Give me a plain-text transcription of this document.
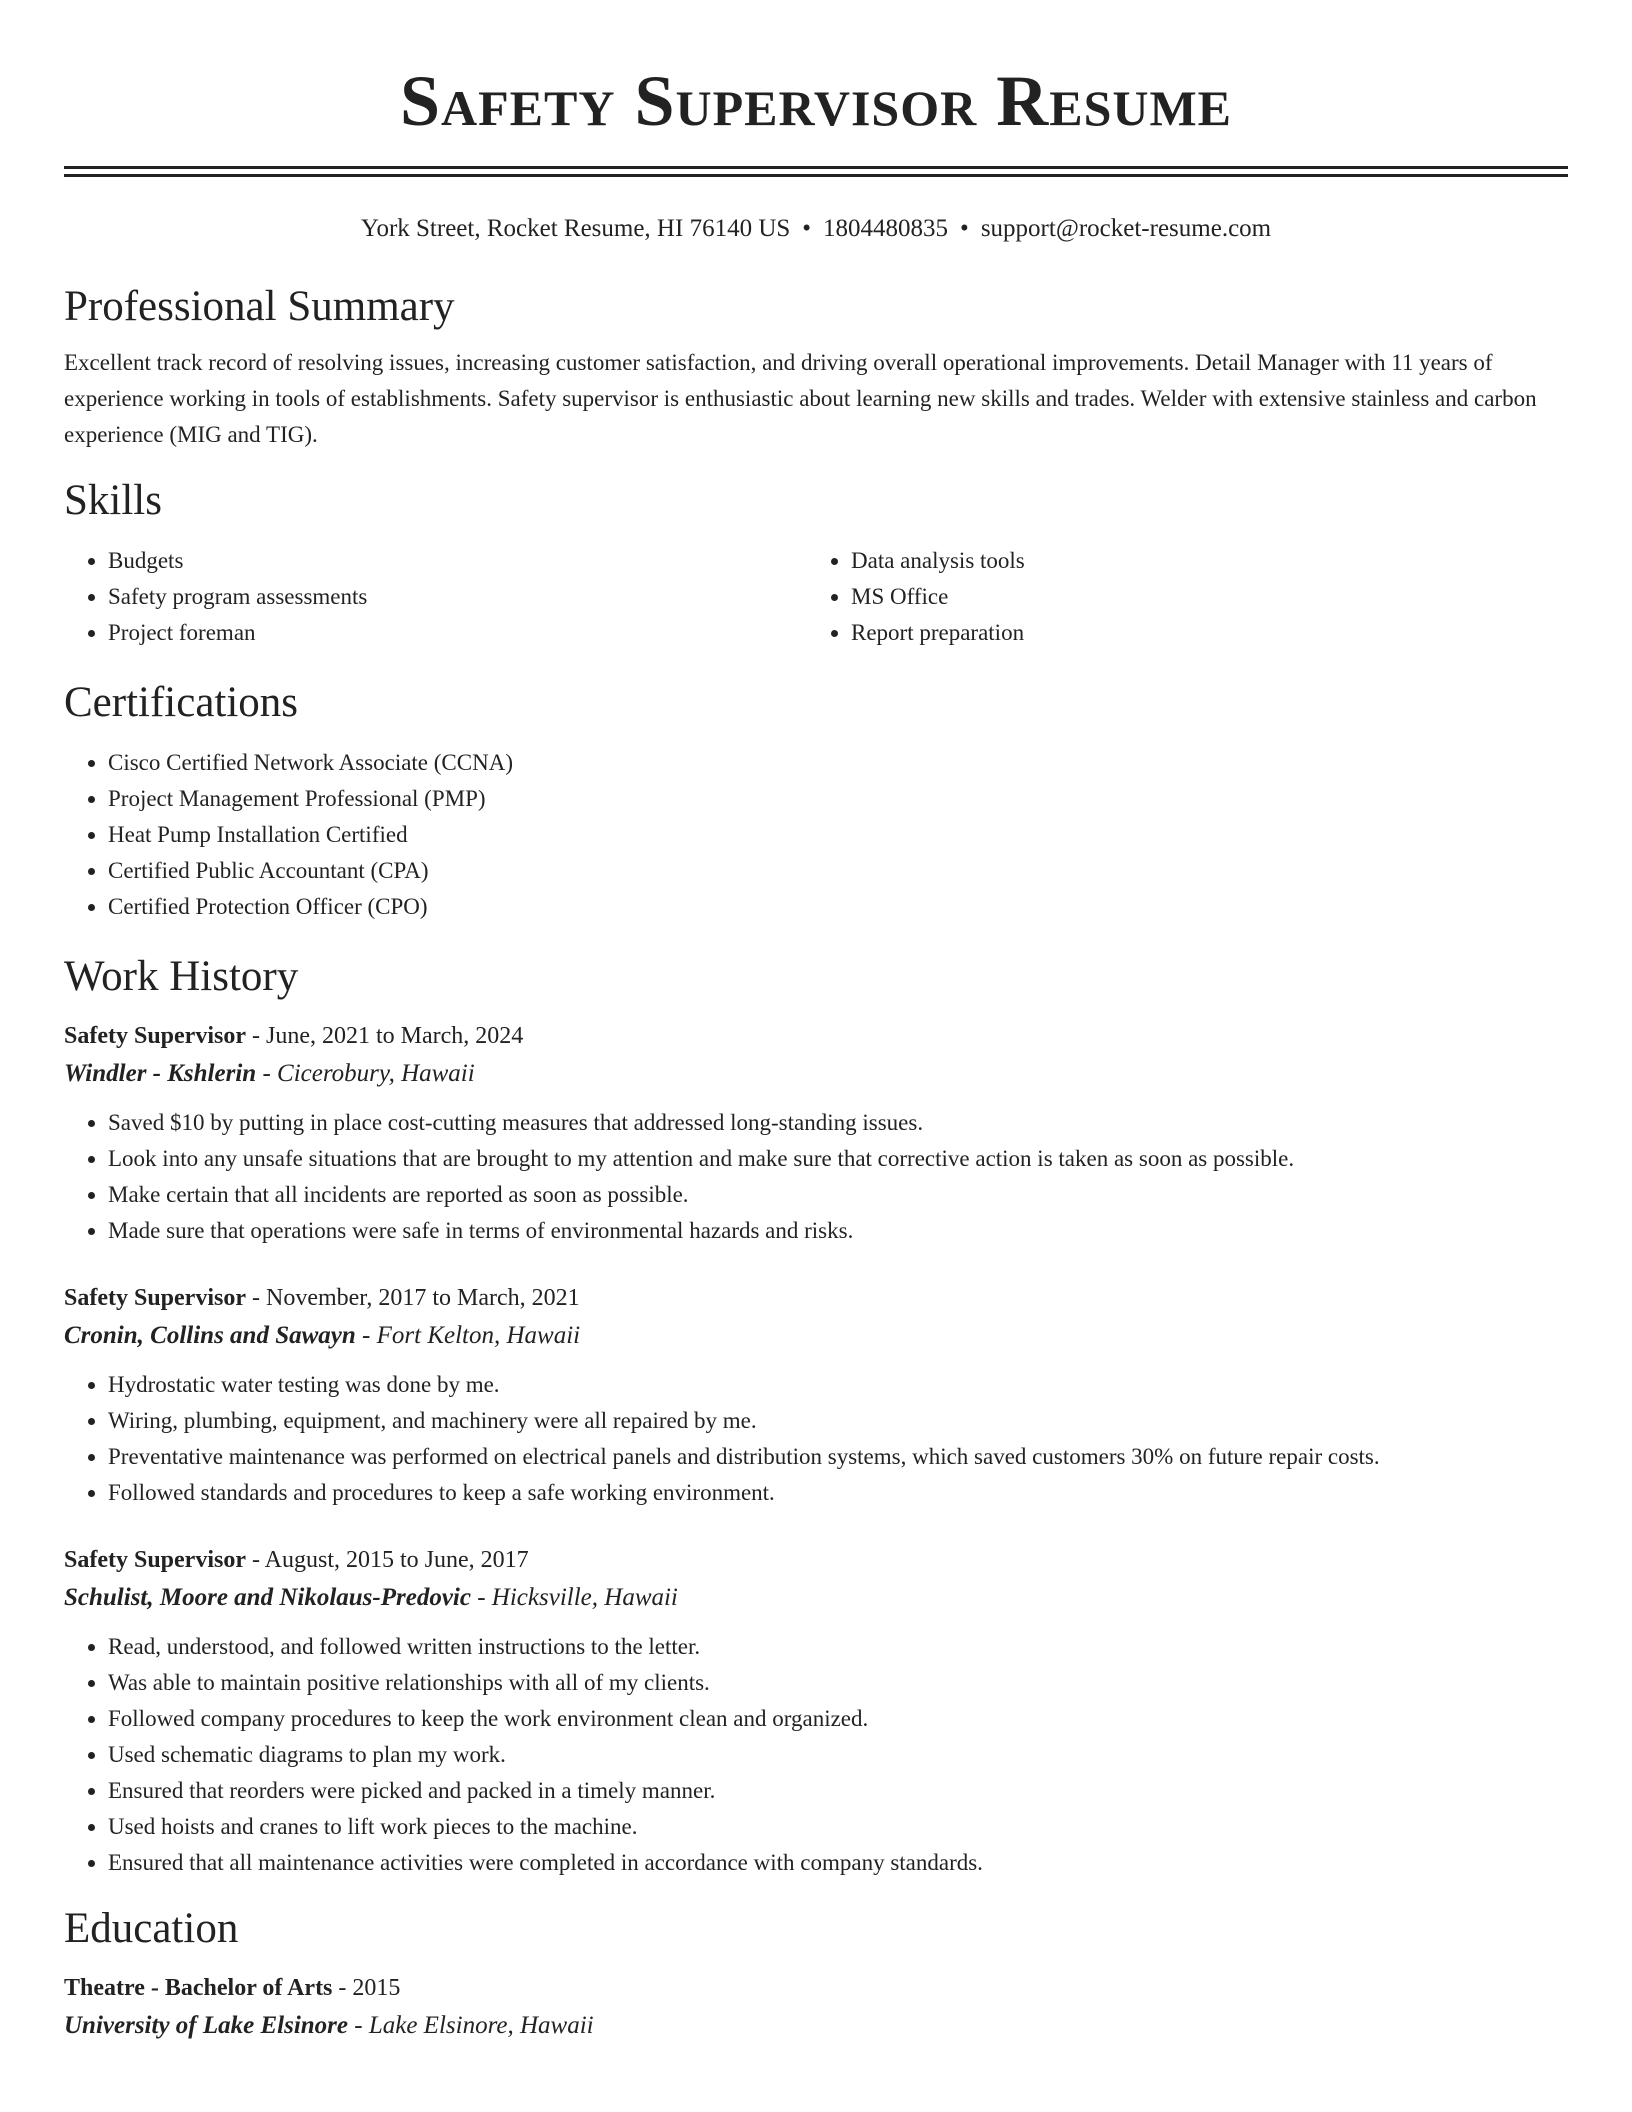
Safety Supervisor Resume
York Street, Rocket Resume, HI 76140 US • 1804480835 • support@rocket-resume.com
Professional Summary

Excellent track record of resolving issues, increasing customer satisfaction, and driving overall operational improvements. Detail Manager with 11 years of experience working in tools of establishments. Safety supervisor is enthusiastic about learning new skills and trades. Welder with extensive stainless and carbon experience (MIG and TIG).

Skills
• Budgets
• Safety program assessments
• Project foreman
• Data analysis tools
• MS Office
• Report preparation
Certifications
• Cisco Certified Network Associate (CCNA)
• Project Management Professional (PMP)
• Heat Pump Installation Certified
• Certified Public Accountant (CPA)
• Certified Protection Officer (CPO)
Work History
Safety Supervisor - June, 2021 to March, 2024
Windler - Kshlerin - Cicerobury, Hawaii
• Saved $10 by putting in place cost-cutting measures that addressed long-standing issues.
• Look into any unsafe situations that are brought to my attention and make sure that corrective action is taken as soon as possible.
• Make certain that all incidents are reported as soon as possible.
• Made sure that operations were safe in terms of environmental hazards and risks.
Safety Supervisor - November, 2017 to March, 2021
Cronin, Collins and Sawayn - Fort Kelton, Hawaii
• Hydrostatic water testing was done by me.
• Wiring, plumbing, equipment, and machinery were all repaired by me.
• Preventative maintenance was performed on electrical panels and distribution systems, which saved customers 30% on future repair costs.
• Followed standards and procedures to keep a safe working environment.
Safety Supervisor - August, 2015 to June, 2017
Schulist, Moore and Nikolaus-Predovic - Hicksville, Hawaii
• Read, understood, and followed written instructions to the letter.
• Was able to maintain positive relationships with all of my clients.
• Followed company procedures to keep the work environment clean and organized.
• Used schematic diagrams to plan my work.
• Ensured that reorders were picked and packed in a timely manner.
• Used hoists and cranes to lift work pieces to the machine.
• Ensured that all maintenance activities were completed in accordance with company standards.
Education
Theatre - Bachelor of Arts - 2015
University of Lake Elsinore - Lake Elsinore, Hawaii
